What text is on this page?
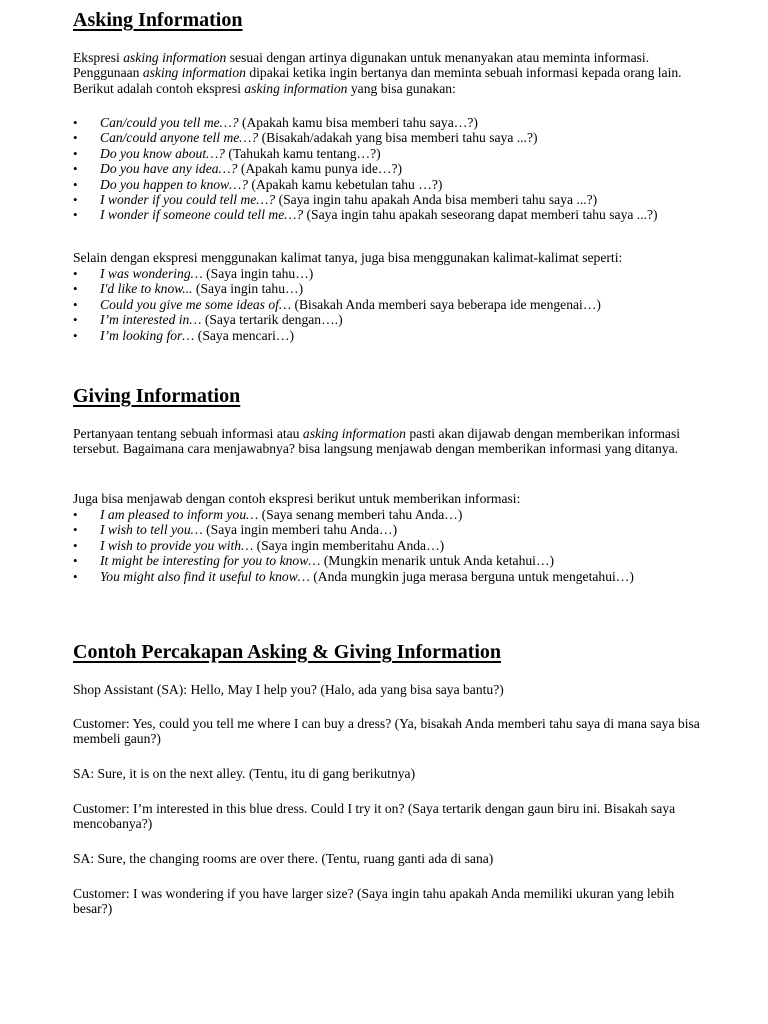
Asking Information

Ekspresi asking information sesuai dengan artinya digunakan untuk menanyakan atau meminta informasi. Penggunaan asking information dipakai ketika ingin bertanya dan meminta sebuah informasi kepada orang lain. Berikut adalah contoh ekspresi asking information yang bisa gunakan:

• Can/could you tell me…? (Apakah kamu bisa memberi tahu saya…?)
• Can/could anyone tell me…? (Bisakah/adakah yang bisa memberi tahu saya ...?)
• Do you know about…? (Tahukah kamu tentang…?)
• Do you have any idea…? (Apakah kamu punya ide…?)
• Do you happen to know…? (Apakah kamu kebetulan tahu …?)
• I wonder if you could tell me…? (Saya ingin tahu apakah Anda bisa memberi tahu saya ...?)
• I wonder if someone could tell me…? (Saya ingin tahu apakah seseorang dapat memberi tahu saya ...?)

Selain dengan ekspresi menggunakan kalimat tanya, juga bisa menggunakan kalimat-kalimat seperti:

• I was wondering… (Saya ingin tahu…)
• I'd like to know... (Saya ingin tahu…)
• Could you give me some ideas of… (Bisakah Anda memberi saya beberapa ide mengenai…)
• I’m interested in… (Saya tertarik dengan….)
• I’m looking for… (Saya mencari…)
Giving Information

Pertanyaan tentang sebuah informasi atau asking information pasti akan dijawab dengan memberikan informasi tersebut. Bagaimana cara menjawabnya? bisa langsung menjawab dengan memberikan informasi yang ditanya.

Juga bisa menjawab dengan contoh ekspresi berikut untuk memberikan informasi:

• I am pleased to inform you… (Saya senang memberi tahu Anda…)
• I wish to tell you… (Saya ingin memberi tahu Anda…)
• I wish to provide you with… (Saya ingin memberitahu Anda…)
• It might be interesting for you to know… (Mungkin menarik untuk Anda ketahui…)
• You might also find it useful to know… (Anda mungkin juga merasa berguna untuk mengetahui…)
Contoh Percakapan Asking & Giving Information

Shop Assistant (SA): Hello, May I help you? (Halo, ada yang bisa saya bantu?)

Customer: Yes, could you tell me where I can buy a dress? (Ya, bisakah Anda memberi tahu saya di mana saya bisa membeli gaun?)

SA: Sure, it is on the next alley. (Tentu, itu di gang berikutnya)

Customer: I’m interested in this blue dress. Could I try it on? (Saya tertarik dengan gaun biru ini. Bisakah saya mencobanya?)

SA: Sure, the changing rooms are over there. (Tentu, ruang ganti ada di sana)

Customer: I was wondering if you have larger size? (Saya ingin tahu apakah Anda memiliki ukuran yang lebih besar?)
